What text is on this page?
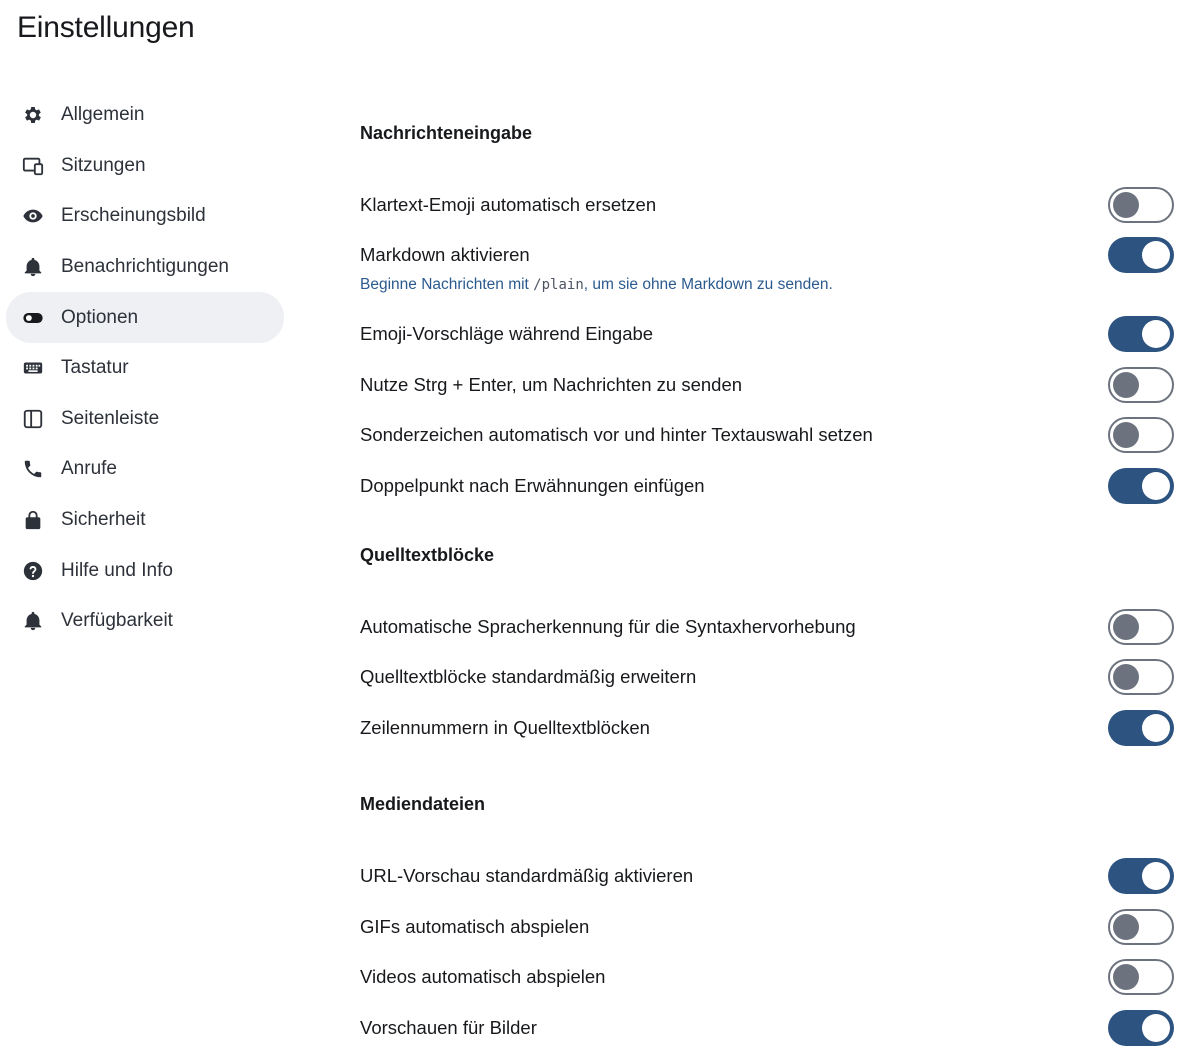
Einstellungen
Allgemein
Sitzungen
Erscheinungsbild
Benachrichtigungen
Optionen
Tastatur
Seitenleiste
Anrufe
Sicherheit
Hilfe und Info
Verfügbarkeit
Nachrichteneingabe
Klartext-Emoji automatisch ersetzen
Markdown aktivieren
Beginne Nachrichten mit /plain, um sie ohne Markdown zu senden.
Emoji-Vorschläge während Eingabe
Nutze Strg + Enter, um Nachrichten zu senden
Sonderzeichen automatisch vor und hinter Textauswahl setzen
Doppelpunkt nach Erwähnungen einfügen
Quelltextblöcke
Automatische Spracherkennung für die Syntaxhervorhebung
Quelltextblöcke standardmäßig erweitern
Zeilennummern in Quelltextblöcken
Mediendateien
URL-Vorschau standardmäßig aktivieren
GIFs automatisch abspielen
Videos automatisch abspielen
Vorschauen für Bilder
